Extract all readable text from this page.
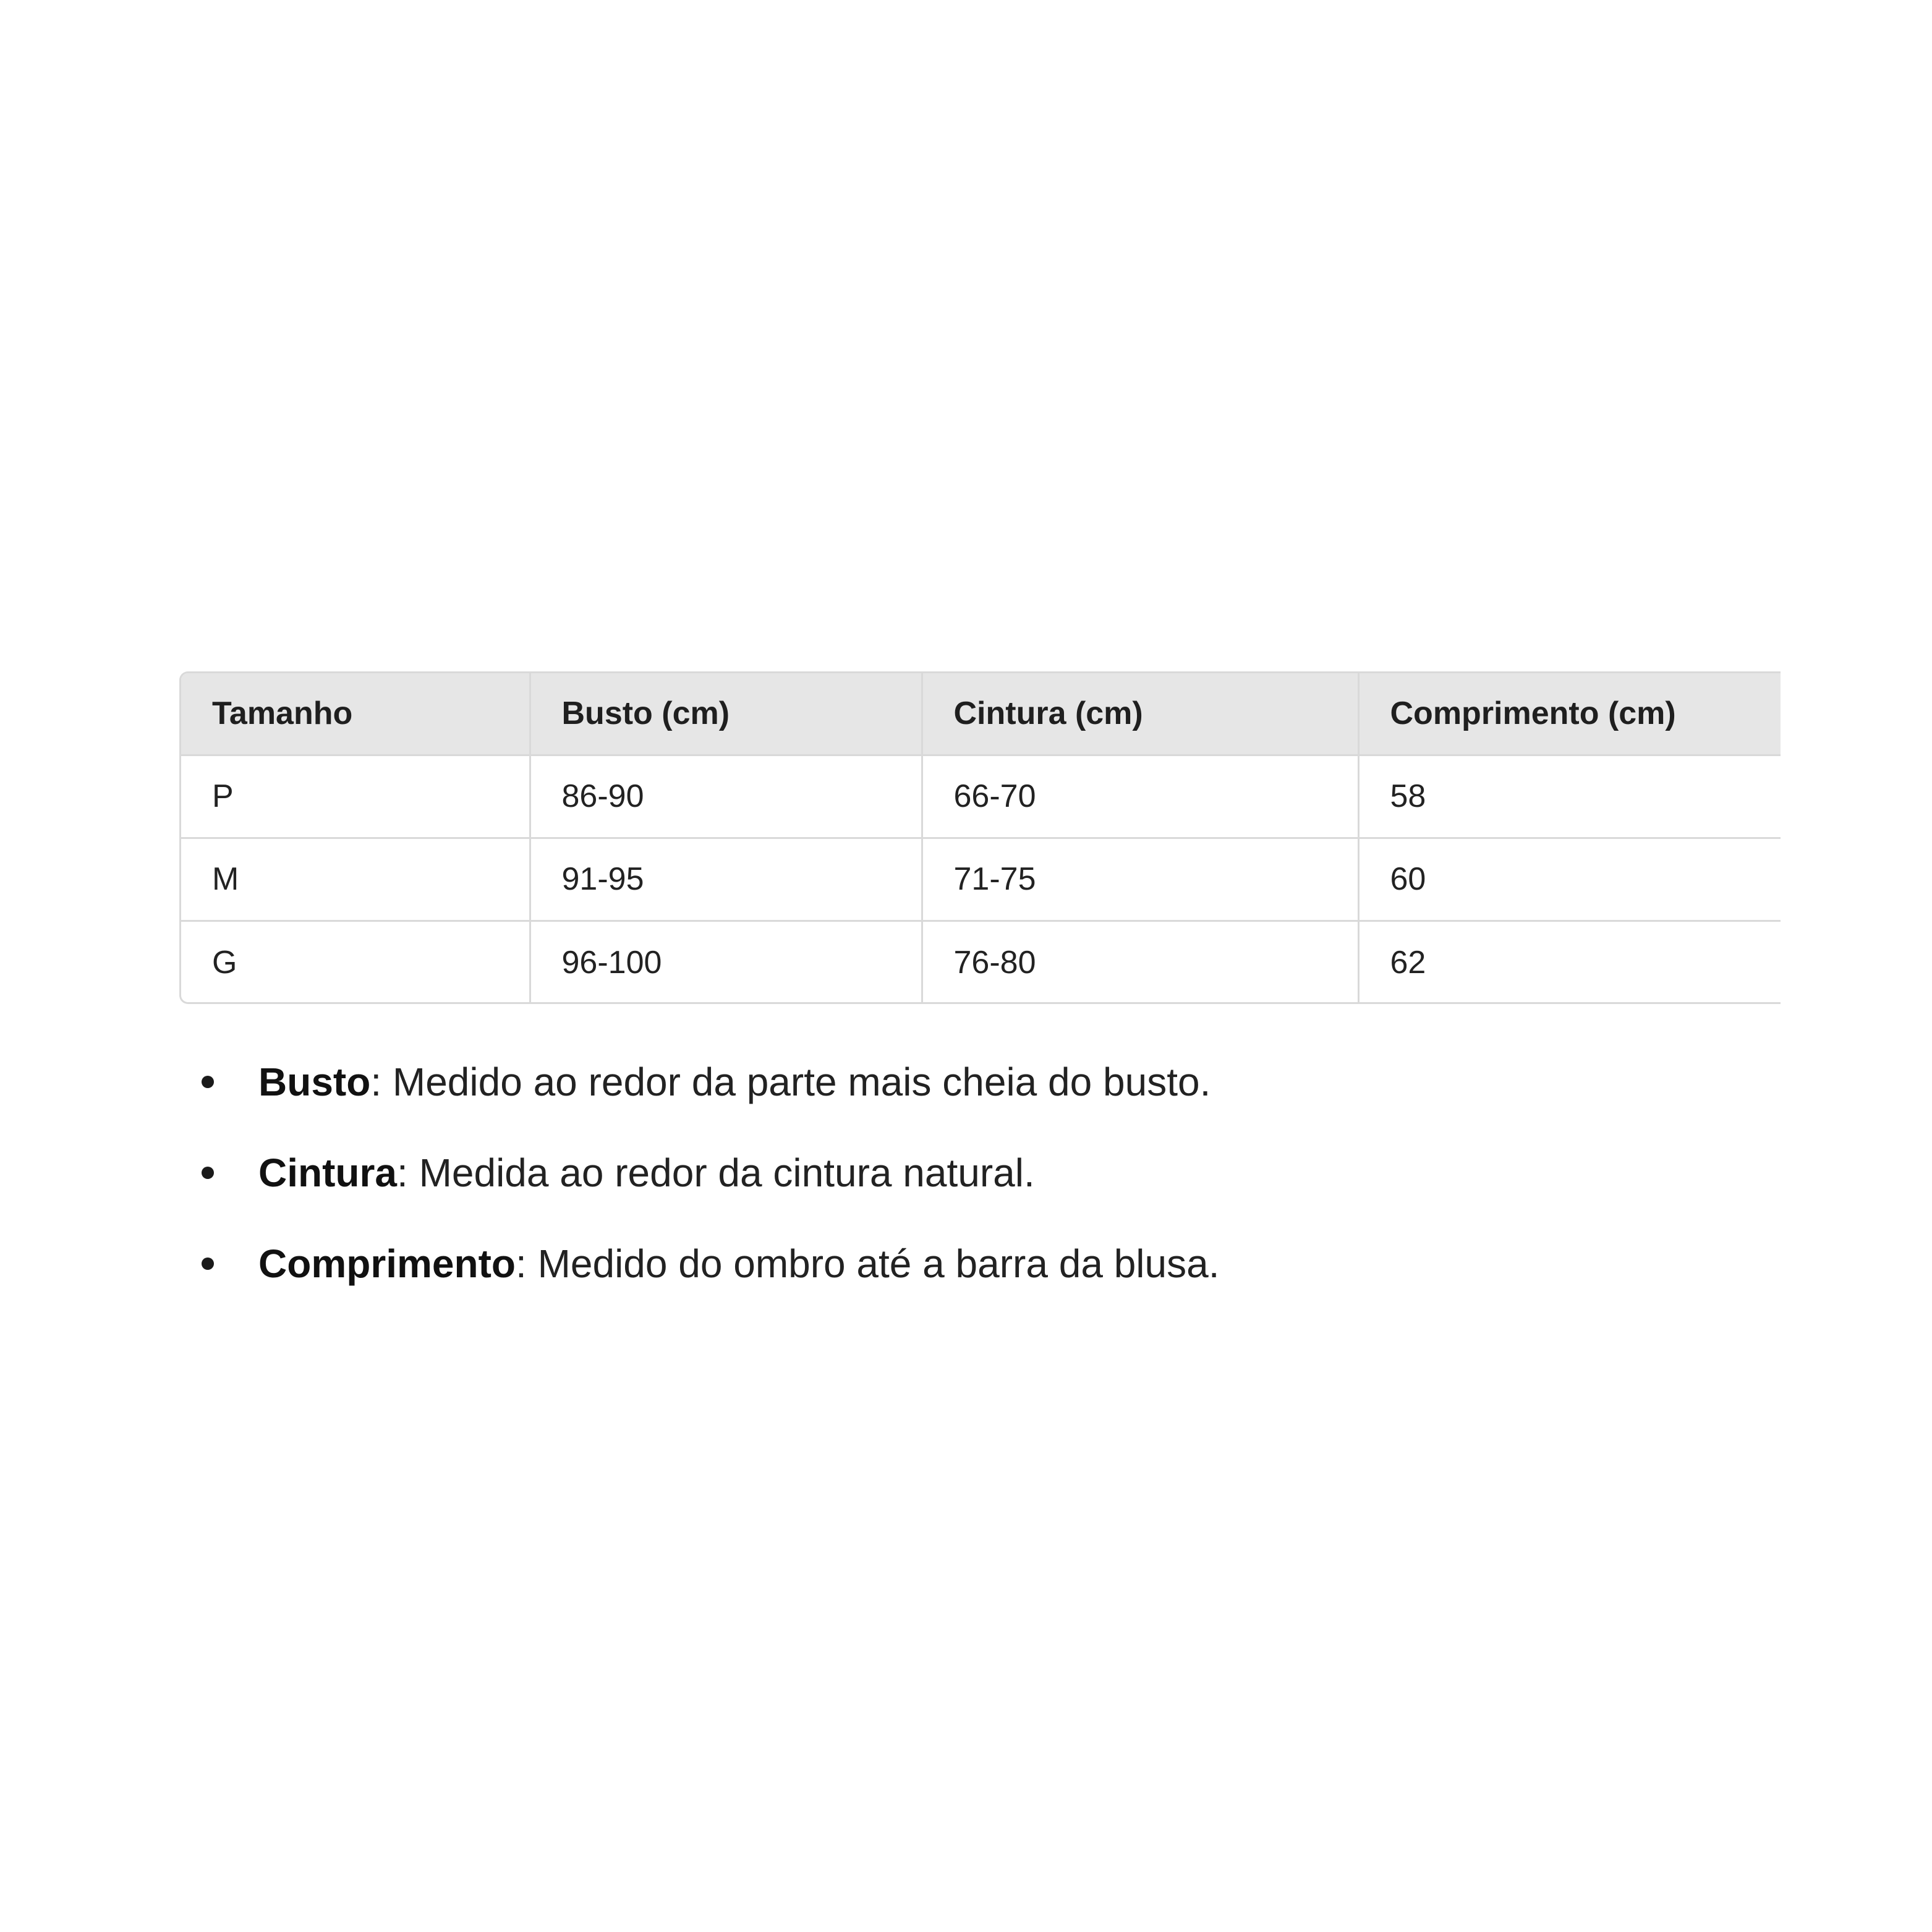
Tamanho	Busto (cm)	Cintura (cm)	Comprimento (cm)
P	86-90	66-70	58
M	91-95	71-75	60
G	96-100	76-80	62
Busto: Medido ao redor da parte mais cheia do busto.
Cintura: Medida ao redor da cintura natural.
Comprimento: Medido do ombro até a barra da blusa.
